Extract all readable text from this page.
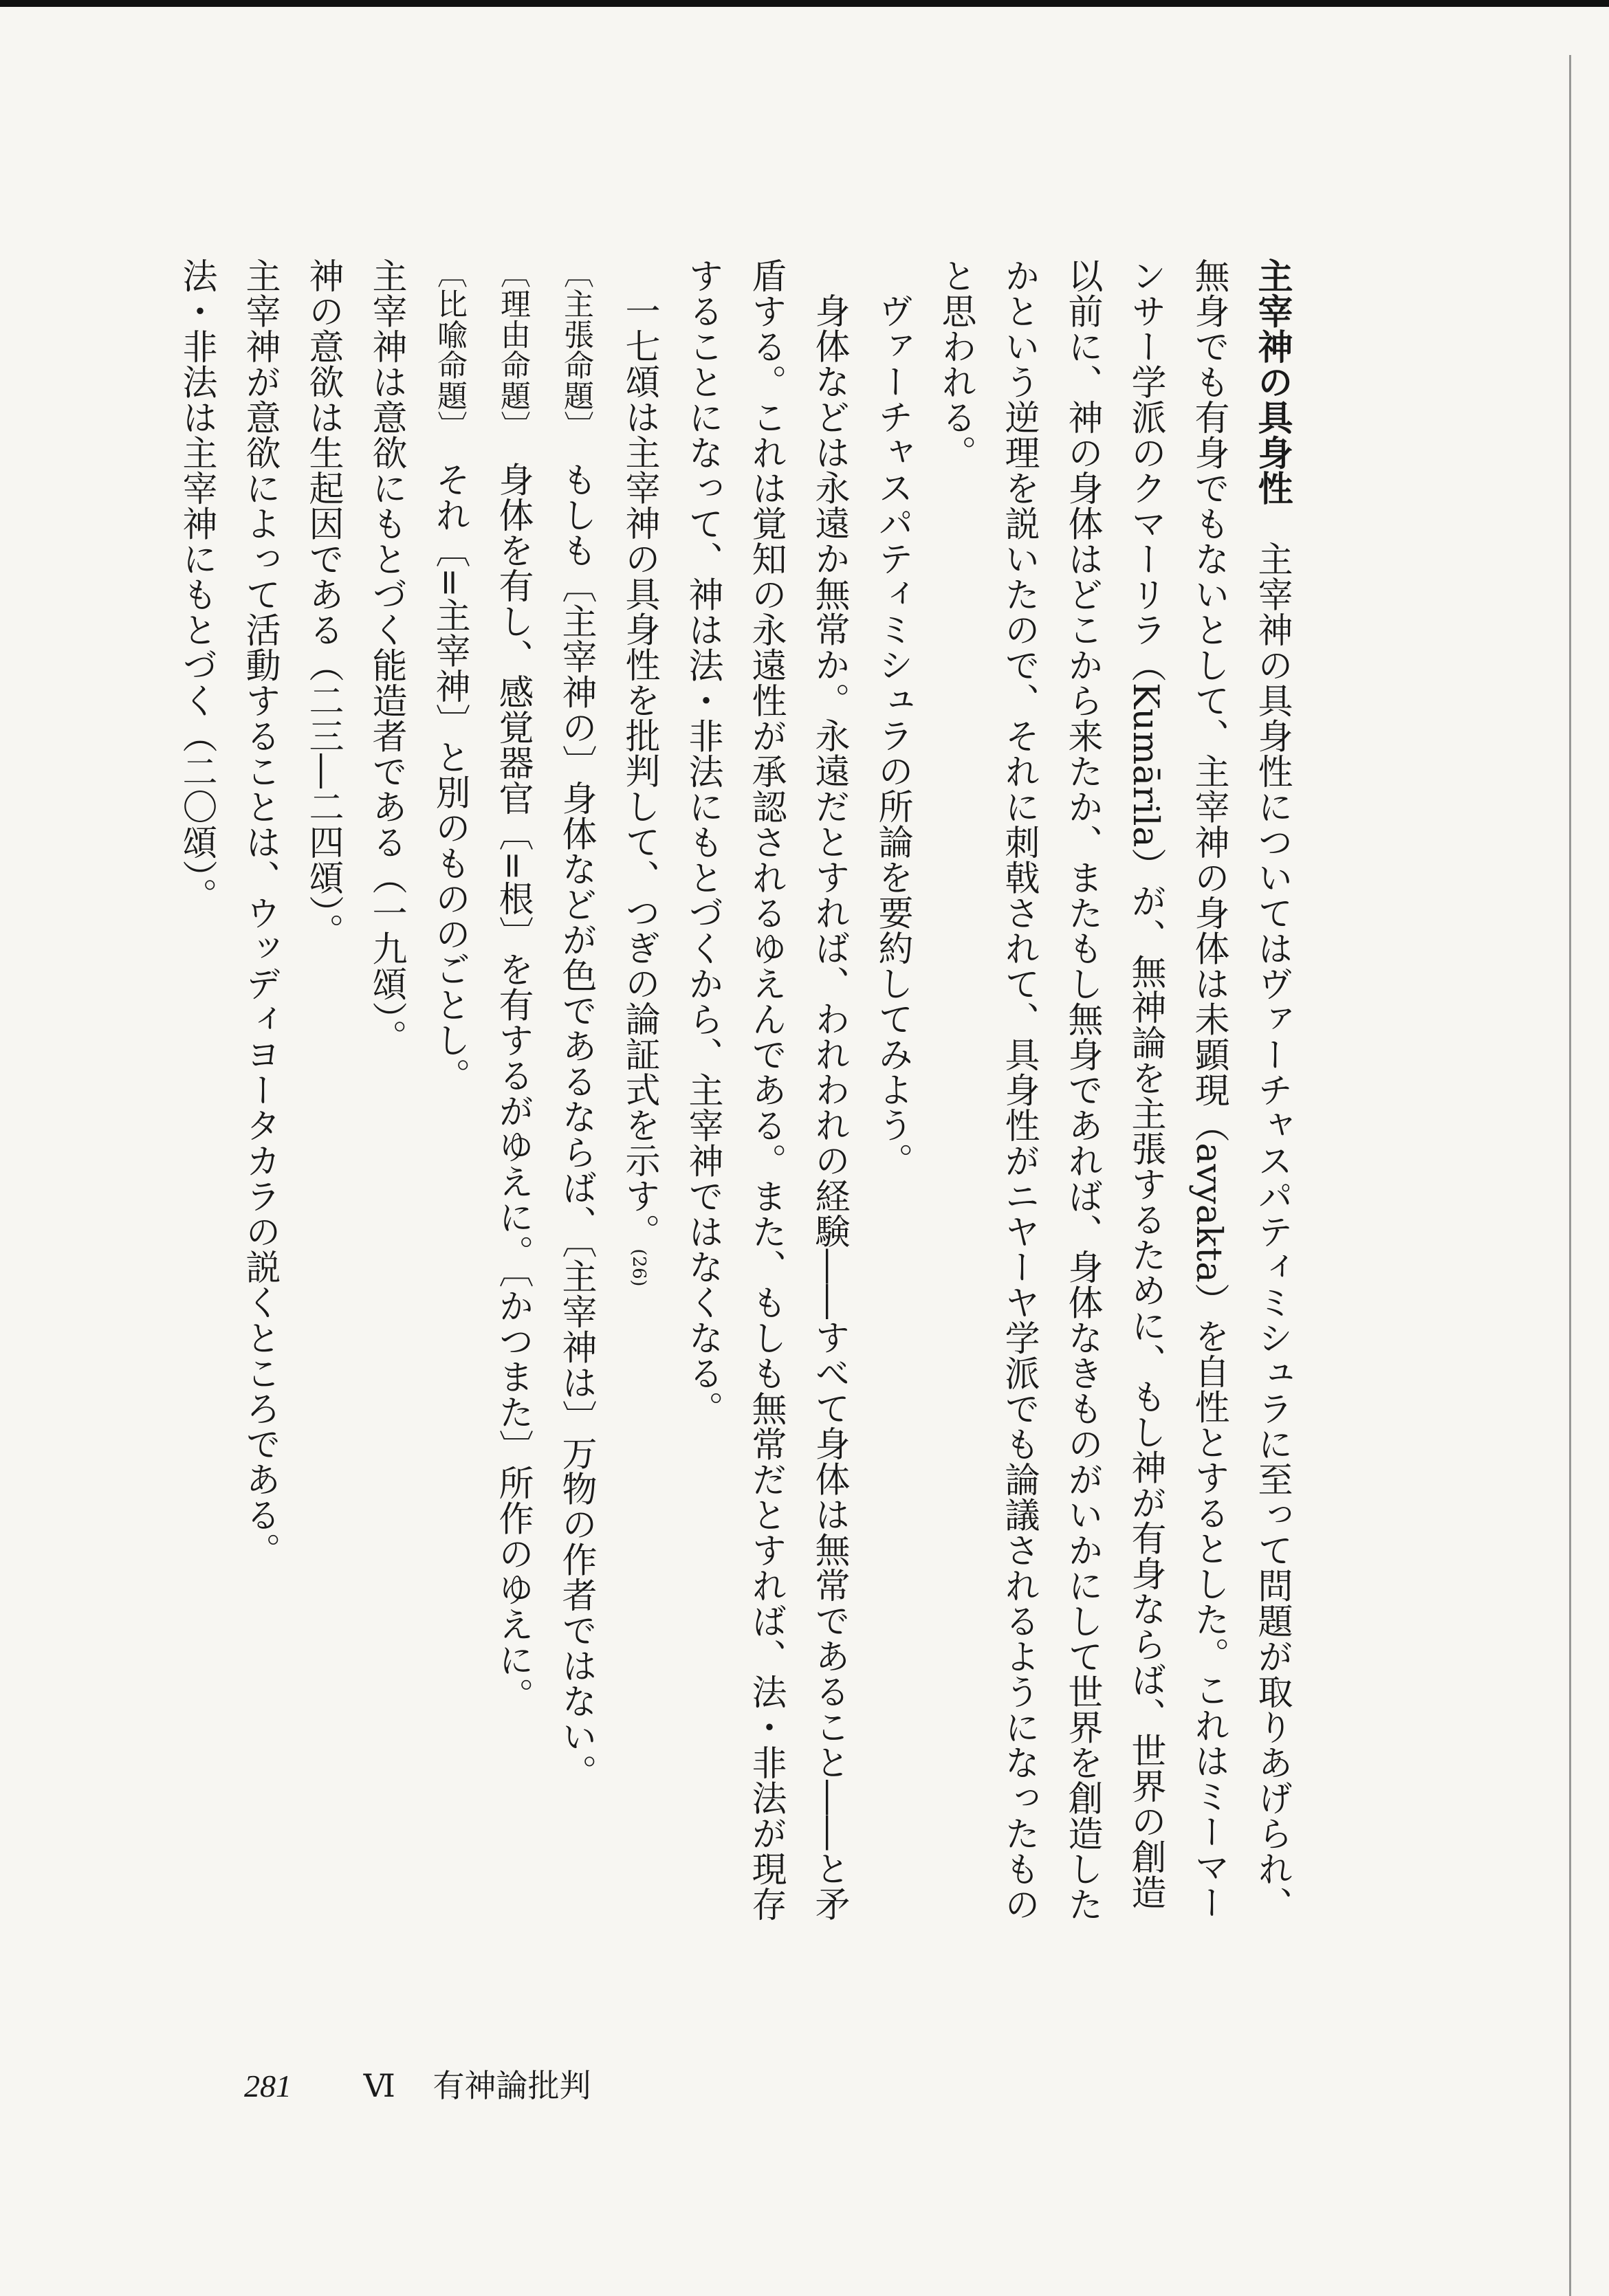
主宰神の具身性　主宰神の具身性についてはヴァーチャスパティミシュラに至って問題が取りあげられ、無身でも有身でもないとして、主宰神の身体は未顕現（avyakta）を自性とするとした。これはミーマーンサー学派のクマーリラ（Kumārila）が、無神論を主張するために、もし神が有身ならば、世界の創造以前に、神の身体はどこから来たか、またもし無身であれば、身体なきものがいかにして世界を創造したかという逆理を説いたので、それに刺戟されて、具身性がニヤーヤ学派でも論議されるようになったものと思われる。

ヴァーチャスパティミシュラの所論を要約してみよう。

身体などは永遠か無常か。永遠だとすれば、われわれの経験――すべて身体は無常であること――と矛盾する。これは覚知の永遠性が承認されるゆえんである。また、もしも無常だとすれば、法・非法が現存することになって、神は法・非法にもとづくから、主宰神ではなくなる。

一七頌は主宰神の具身性を批判して、つぎの論証式を示す。(26)

〔主張命題〕　もしも〔主宰神の〕身体などが色であるならば、〔主宰神は〕万物の作者ではない。

〔理由命題〕　身体を有し、感覚器官〔=根〕を有するがゆえに。〔かつまた〕所作のゆえに。

〔比喩命題〕　それ〔=主宰神〕と別のもののごとし。

主宰神は意欲にもとづく能造者である（一九頌）。

神の意欲は生起因である（二三―二四頌）。

主宰神が意欲によって活動することは、ウッディヨータカラの説くところである。

法・非法は主宰神にもとづく（二〇頌）。

281 Ⅵ 有神論批判
